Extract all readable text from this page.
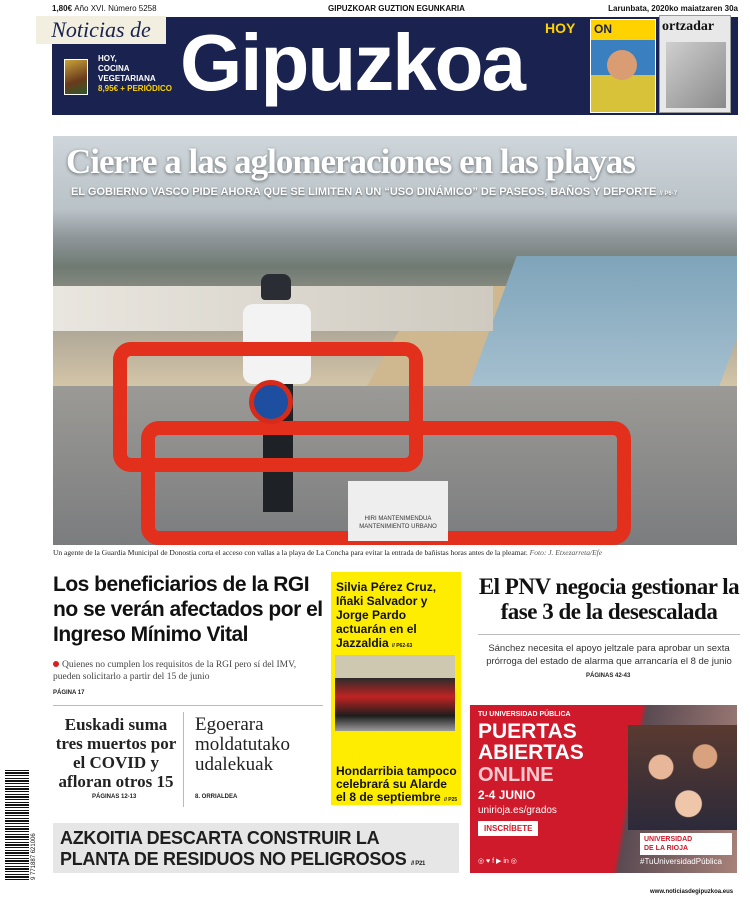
1,80€ Año XVI. Número 5258	GIPUZKOAR GUZTION EGUNKARIA	Larunbata, 2020ko maiatzaren 30a
Noticias de Gipuzkoa
HOY,
COCINA
VEGETARIANA
8,95€ + PERIÓDICO
HOY ON	ortzadar
HIRI MANTENIMENDUA
MANTENIMIENTO URBANO
Cierre a las aglomeraciones en las playas
EL GOBIERNO VASCO PIDE AHORA QUE SE LIMITEN A UN “USO DINÁMICO” DE PASEOS, BAÑOS Y DEPORTE // P6-7
Un agente de la Guardia Municipal de Donostia corta el acceso con vallas a la playa de La Concha para evitar la entrada de bañistas horas antes de la pleamar. Foto: J. Etxezarreta/Efe
Los beneficiarios de la RGI no se verán afectados por el Ingreso Mínimo Vital
Quienes no cumplen los requisitos de la RGI pero sí del IMV, pueden solicitarlo a partir del 15 de junio
PÁGINA 17
Euskadi suma tres muertos por el COVID y afloran otros 15
PÁGINAS 12-13
Egoerara moldatutako udalekuak
8. ORRIALDEA
Silvia Pérez Cruz, Iñaki Salvador y Jorge Pardo actuarán en el Jazzaldia // P62-63
Hondarribia tampoco celebrará su Alarde el 8 de septiembre // P25
El PNV negocia gestionar la fase 3 de la desescalada
Sánchez necesita el apoyo jeltzale para aprobar un sexta prórroga del estado de alarma que arrancaría el 8 de junio
PÁGINAS 42-43
TU UNIVERSIDAD PÚBLICA
PUERTAS
ABIERTAS
ONLINE
2-4 JUNIO
unirioja.es/grados
INSCRÍBETE
UNIVERSIDAD
DE LA RIOJA
◎ ♥ f ▶ in ◎	#TuUniversidadPública
AZKOITIA DESCARTA CONSTRUIR LA PLANTA DE RESIDUOS NO PELIGROSOS // P21
9 771887 621006
www.noticiasdegipuzkoa.eus
